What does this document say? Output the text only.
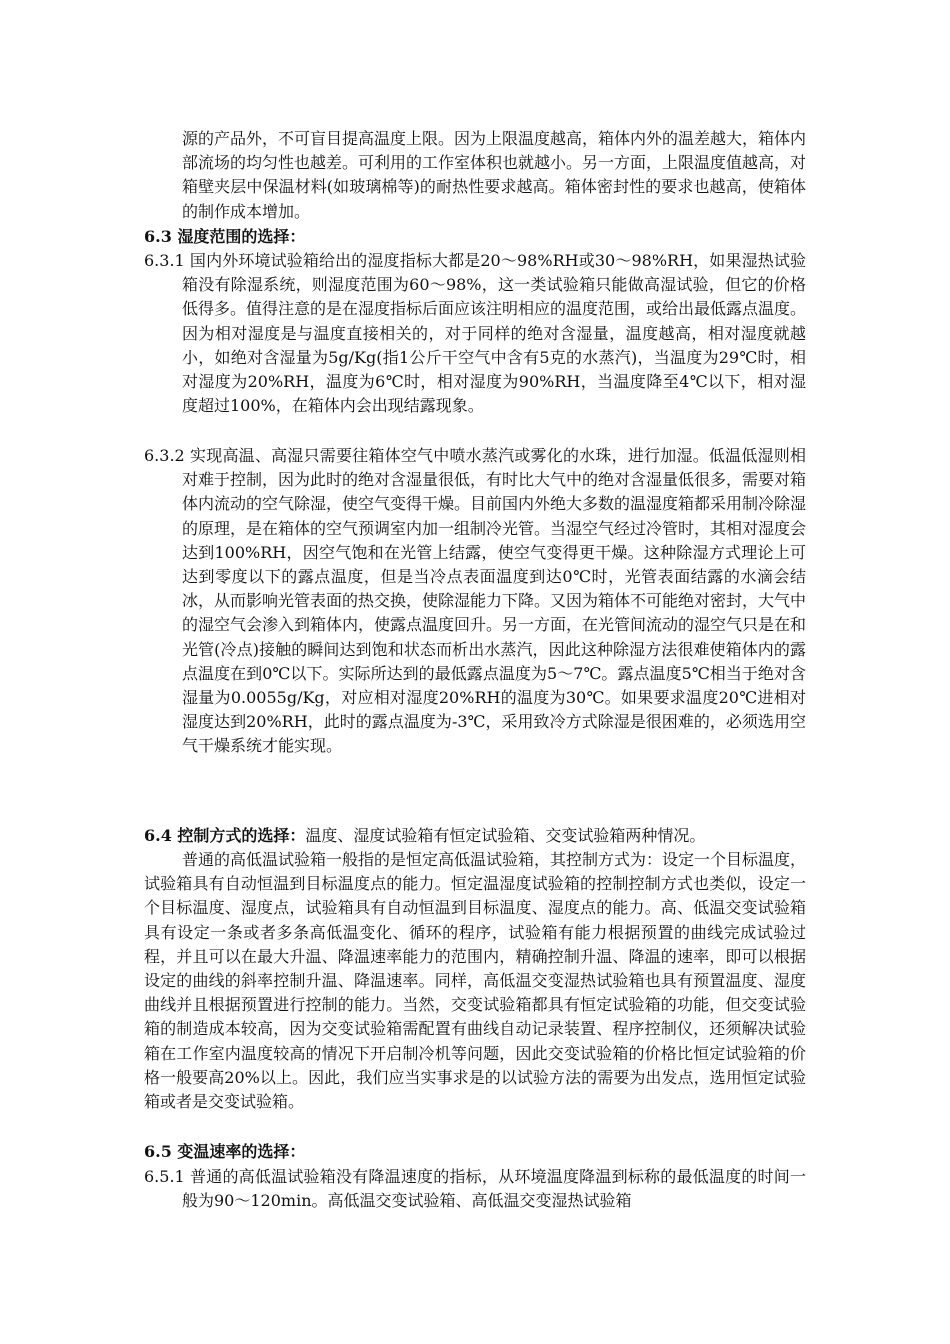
源的产品外，不可盲目提高温度上限。因为上限温度越高，箱体内外的温差越大，箱体内部流场的均匀性也越差。可利用的工作室体积也就越小。另一方面，上限温度值越高，对箱壁夹层中保温材料(如玻璃棉等)的耐热性要求越高。箱体密封性的要求也越高，使箱体的制作成本增加。
6.3 湿度范围的选择：
6.3.1 国内外环境试验箱给出的湿度指标大都是20～98%RH或30～98%RH，如果湿热试验箱没有除湿系统，则湿度范围为60～98%，这一类试验箱只能做高湿试验，但它的价格低得多。值得注意的是在湿度指标后面应该注明相应的温度范围，或给出最低露点温度。因为相对湿度是与温度直接相关的，对于同样的绝对含湿量，温度越高，相对湿度就越小，如绝对含湿量为5g/Kg(指1公斤干空气中含有5克的水蒸汽)，当温度为29℃时，相对湿度为20%RH，温度为6℃时，相对湿度为90%RH，当温度降至4℃以下，相对湿度超过100%，在箱体内会出现结露现象。
6.3.2 实现高温、高湿只需要往箱体空气中喷水蒸汽或雾化的水珠，进行加湿。低温低湿则相对难于控制，因为此时的绝对含湿量很低，有时比大气中的绝对含湿量低很多，需要对箱体内流动的空气除湿，使空气变得干燥。目前国内外绝大多数的温湿度箱都采用制冷除湿的原理，是在箱体的空气预调室内加一组制冷光管。当湿空气经过冷管时，其相对湿度会达到100%RH，因空气饱和在光管上结露，使空气变得更干燥。这种除湿方式理论上可达到零度以下的露点温度，但是当冷点表面温度到达0℃时，光管表面结露的水滴会结冰，从而影响光管表面的热交换，使除湿能力下降。又因为箱体不可能绝对密封，大气中的湿空气会渗入到箱体内，使露点温度回升。另一方面，在光管间流动的湿空气只是在和光管(冷点)接触的瞬间达到饱和状态而析出水蒸汽，因此这种除湿方法很难使箱体内的露点温度在到0℃以下。实际所达到的最低露点温度为5～7℃。露点温度5℃相当于绝对含湿量为0.0055g/Kg，对应相对湿度20%RH的温度为30℃。如果要求温度20℃进相对湿度达到20%RH，此时的露点温度为-3℃，采用致冷方式除湿是很困难的，必须选用空气干燥系统才能实现。
6.4 控制方式的选择：温度、湿度试验箱有恒定试验箱、交变试验箱两种情况。
普通的高低温试验箱一般指的是恒定高低温试验箱，其控制方式为：设定一个目标温度，试验箱具有自动恒温到目标温度点的能力。恒定温湿度试验箱的控制控制方式也类似，设定一个目标温度、湿度点，试验箱具有自动恒温到目标温度、湿度点的能力。高、低温交变试验箱具有设定一条或者多条高低温变化、循环的程序，试验箱有能力根据预置的曲线完成试验过程，并且可以在最大升温、降温速率能力的范围内，精确控制升温、降温的速率，即可以根据设定的曲线的斜率控制升温、降温速率。同样，高低温交变湿热试验箱也具有预置温度、湿度曲线并且根据预置进行控制的能力。当然，交变试验箱都具有恒定试验箱的功能，但交变试验箱的制造成本较高，因为交变试验箱需配置有曲线自动记录装置、程序控制仪，还须解决试验箱在工作室内温度较高的情况下开启制冷机等问题，因此交变试验箱的价格比恒定试验箱的价格一般要高20%以上。因此，我们应当实事求是的以试验方法的需要为出发点，选用恒定试验箱或者是交变试验箱。
6.5 变温速率的选择：
6.5.1 普通的高低温试验箱没有降温速度的指标，从环境温度降温到标称的最低温度的时间一般为90～120min。高低温交变试验箱、高低温交变湿热试验箱
